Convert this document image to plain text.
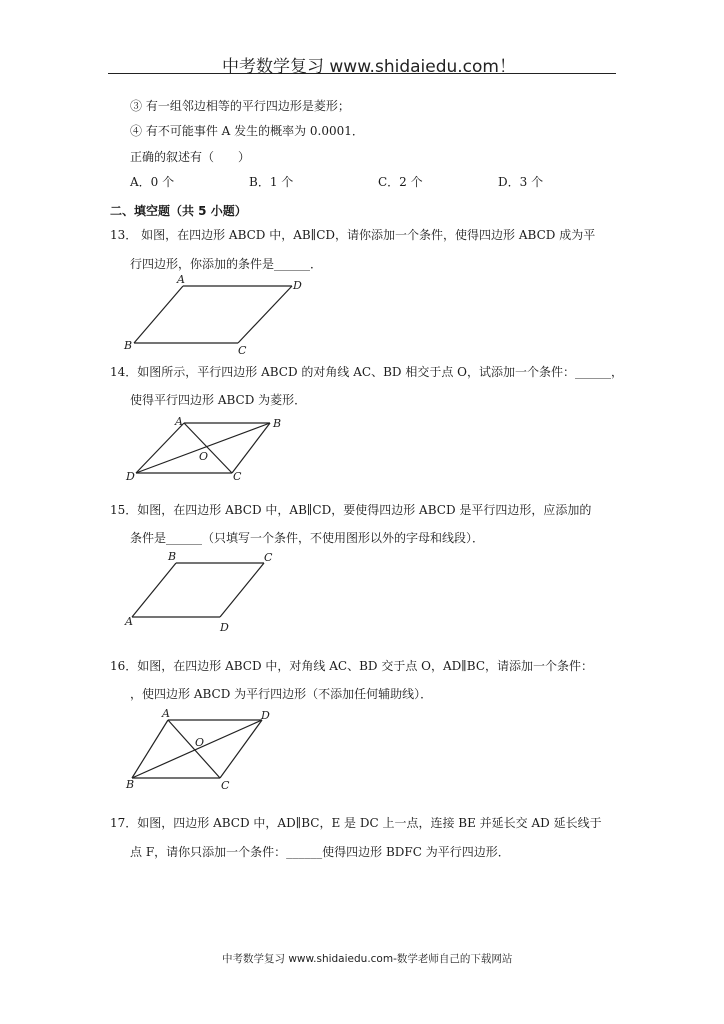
中考数学复习 www.shidaiedu.com！
③ 有一组邻边相等的平行四边形是菱形；
④ 有不可能事件 A 发生的概率为 0.0001．
正确的叙述有（　　）
A．0 个	B．1 个	C．2 个	D．3 个
二、填空题（共 5 小题）
13． 如图，在四边形 ABCD 中，AB∥CD，请你添加一个条件，使得四边形 ABCD 成为平
行四边形，你添加的条件是______．
A	D
B	C
14．如图所示，平行四边形 ABCD 的对角线 AC、BD 相交于点 O，试添加一个条件：______，
使得平行四边形 ABCD 为菱形．
A	B
O
D	C
15．如图，在四边形 ABCD 中，AB∥CD，要使得四边形 ABCD 是平行四边形，应添加的
条件是______（只填写一个条件，不使用图形以外的字母和线段）．
B	C
A	D
16．如图，在四边形 ABCD 中，对角线 AC、BD 交于点 O，AD∥BC，请添加一个条件：
，使四边形 ABCD 为平行四边形（不添加任何辅助线）．
A	D
O
B	C
17．如图，四边形 ABCD 中，AD∥BC，E 是 DC 上一点，连接 BE 并延长交 AD 延长线于
点 F，请你只添加一个条件：______使得四边形 BDFC 为平行四边形．
中考数学复习 www.shidaiedu.com-数学老师自己的下载网站
